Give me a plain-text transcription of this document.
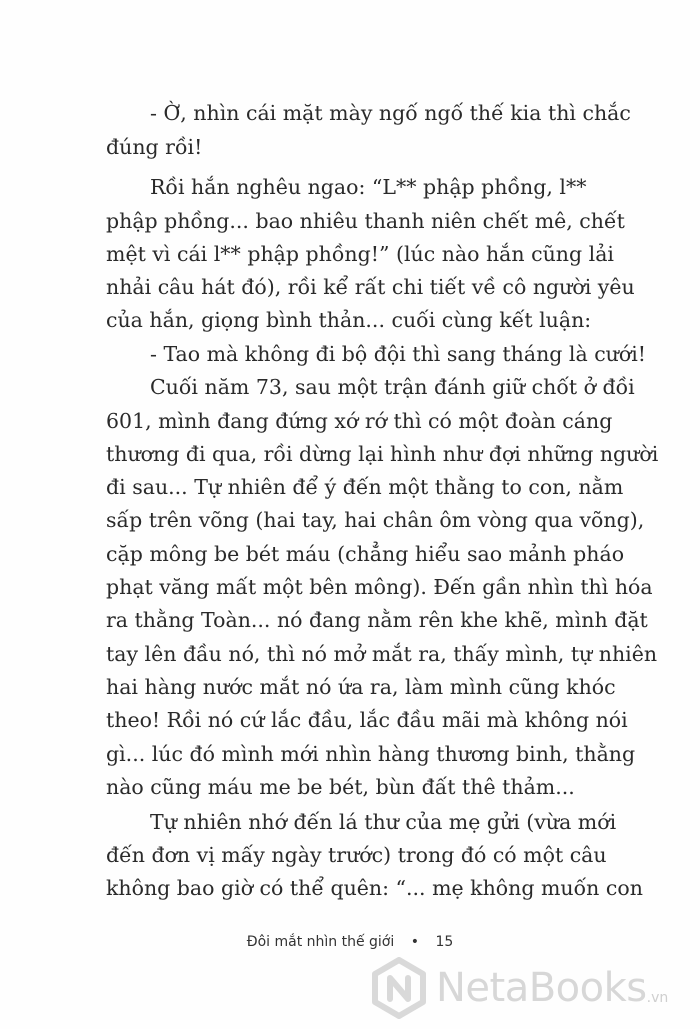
- Ờ, nhìn cái mặt mày ngố ngố thế kia thì chắc
đúng rồi!
Rồi hắn nghêu ngao: “L** phập phồng, l**
phập phồng... bao nhiêu thanh niên chết mê, chết
mệt vì cái l** phập phồng!” (lúc nào hắn cũng lải
nhải câu hát đó), rồi kể rất chi tiết về cô người yêu
của hắn, giọng bình thản... cuối cùng kết luận:
- Tao mà không đi bộ đội thì sang tháng là cưới!
Cuối năm 73, sau một trận đánh giữ chốt ở đồi
601, mình đang đứng xớ rớ thì có một đoàn cáng
thương đi qua, rồi dừng lại hình như đợi những người
đi sau... Tự nhiên để ý đến một thằng to con, nằm
sấp trên võng (hai tay, hai chân ôm vòng qua võng),
cặp mông be bét máu (chẳng hiểu sao mảnh pháo
phạt văng mất một bên mông). Đến gần nhìn thì hóa
ra thằng Toàn... nó đang nằm rên khe khẽ, mình đặt
tay lên đầu nó, thì nó mở mắt ra, thấy mình, tự nhiên
hai hàng nước mắt nó ứa ra, làm mình cũng khóc
theo! Rồi nó cứ lắc đầu, lắc đầu mãi mà không nói
gì... lúc đó mình mới nhìn hàng thương binh, thằng
nào cũng máu me be bét, bùn đất thê thảm...
Tự nhiên nhớ đến lá thư của mẹ gửi (vừa mới
đến đơn vị mấy ngày trước) trong đó có một câu
không bao giờ có thể quên: “... mẹ không muốn con
Đôi mắt nhìn thế giới • 15
NetaBooks .vn
